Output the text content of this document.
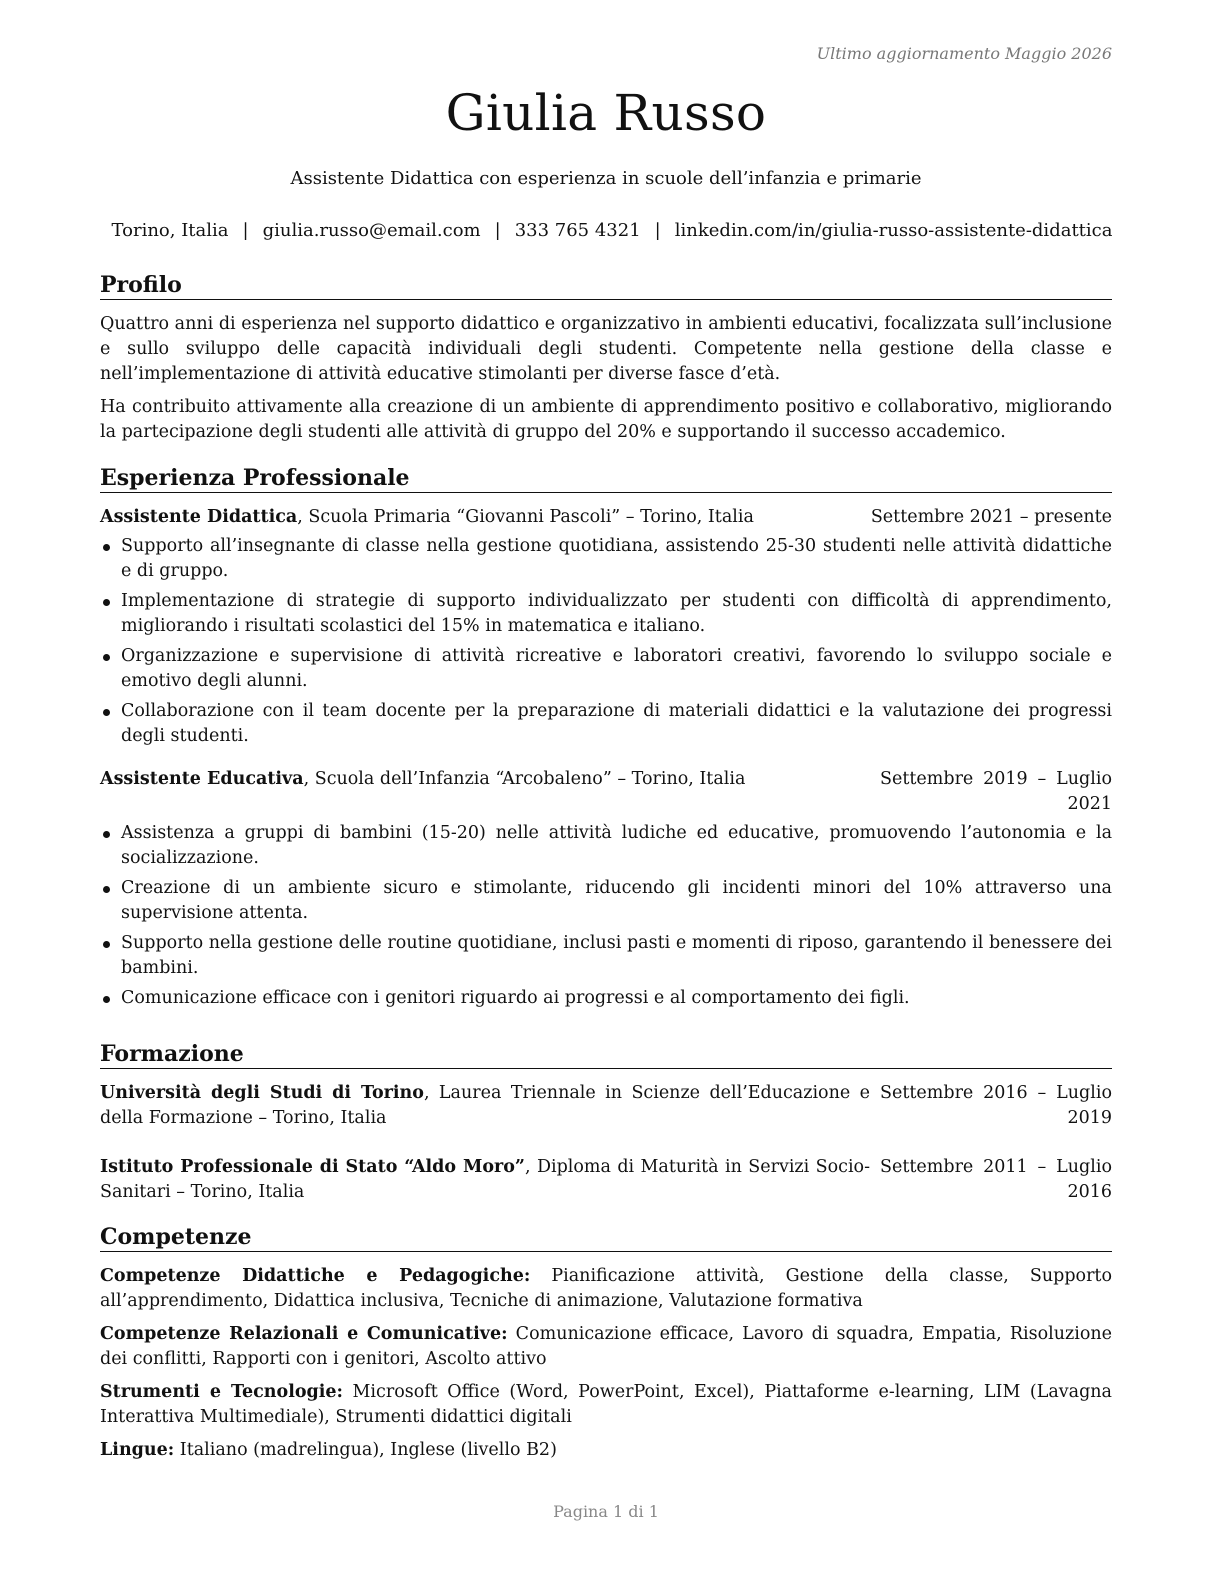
Ultimo aggiornamento Maggio 2026
Giulia Russo
Assistente Didattica con esperienza in scuole dell’infanzia e primarie
Torino, Italia | giulia.russo@email.com | 333 765 4321 | linkedin.com/in/giulia-russo-assistente-didattica
Profilo

Quattro anni di esperienza nel supporto didattico e organizzativo in ambienti educativi, focalizzata sull’inclusione e sullo sviluppo delle capacità individuali degli studenti. Competente nella gestione della classe e nell’implementazione di attività educative stimolanti per diverse fasce d’età.

Ha contribuito attivamente alla creazione di un ambiente di apprendimento positivo e collaborativo, migliorando la partecipazione degli studenti alle attività di gruppo del 20% e supportando il successo accademico.

Esperienza Professionale
Assistente Didattica, Scuola Primaria “Giovanni Pascoli” – Torino, Italia	Settembre 2021 – presente
Supporto all’insegnante di classe nella gestione quotidiana, assistendo 25-30 studenti nelle attività didattiche e di gruppo.
Implementazione di strategie di supporto individualizzato per studenti con difficoltà di apprendimento, migliorando i risultati scolastici del 15% in matematica e italiano.
Organizzazione e supervisione di attività ricreative e laboratori creativi, favorendo lo sviluppo sociale e emotivo degli alunni.
Collaborazione con il team docente per la preparazione di materiali didattici e la valutazione dei progressi degli studenti.
Assistente Educativa, Scuola dell’Infanzia “Arcobaleno” – Torino, Italia	Settembre 2019 – Luglio 2021
Assistenza a gruppi di bambini (15-20) nelle attività ludiche ed educative, promuovendo l’autonomia e la socializzazione.
Creazione di un ambiente sicuro e stimolante, riducendo gli incidenti minori del 10% attraverso una supervisione attenta.
Supporto nella gestione delle routine quotidiane, inclusi pasti e momenti di riposo, garantendo il benessere dei bambini.
Comunicazione efficace con i genitori riguardo ai progressi e al comportamento dei figli.
Formazione
Università degli Studi di Torino, Laurea Triennale in Scienze dell’Educazione e della Formazione – Torino, Italia
Settembre 2016 – Luglio 2019
Istituto Professionale di Stato “Aldo Moro”, Diploma di Maturità in Servizi Socio-Sanitari – Torino, Italia
Settembre 2011 – Luglio 2016
Competenze
Competenze Didattiche e Pedagogiche: Pianificazione attività, Gestione della classe, Supporto all’apprendimento, Didattica inclusiva, Tecniche di animazione, Valutazione formativa
Competenze Relazionali e Comunicative: Comunicazione efficace, Lavoro di squadra, Empatia, Risoluzione dei conflitti, Rapporti con i genitori, Ascolto attivo
Strumenti e Tecnologie: Microsoft Office (Word, PowerPoint, Excel), Piattaforme e-learning, LIM (Lavagna Interattiva Multimediale), Strumenti didattici digitali
Lingue: Italiano (madrelingua), Inglese (livello B2)
Pagina 1 di 1
